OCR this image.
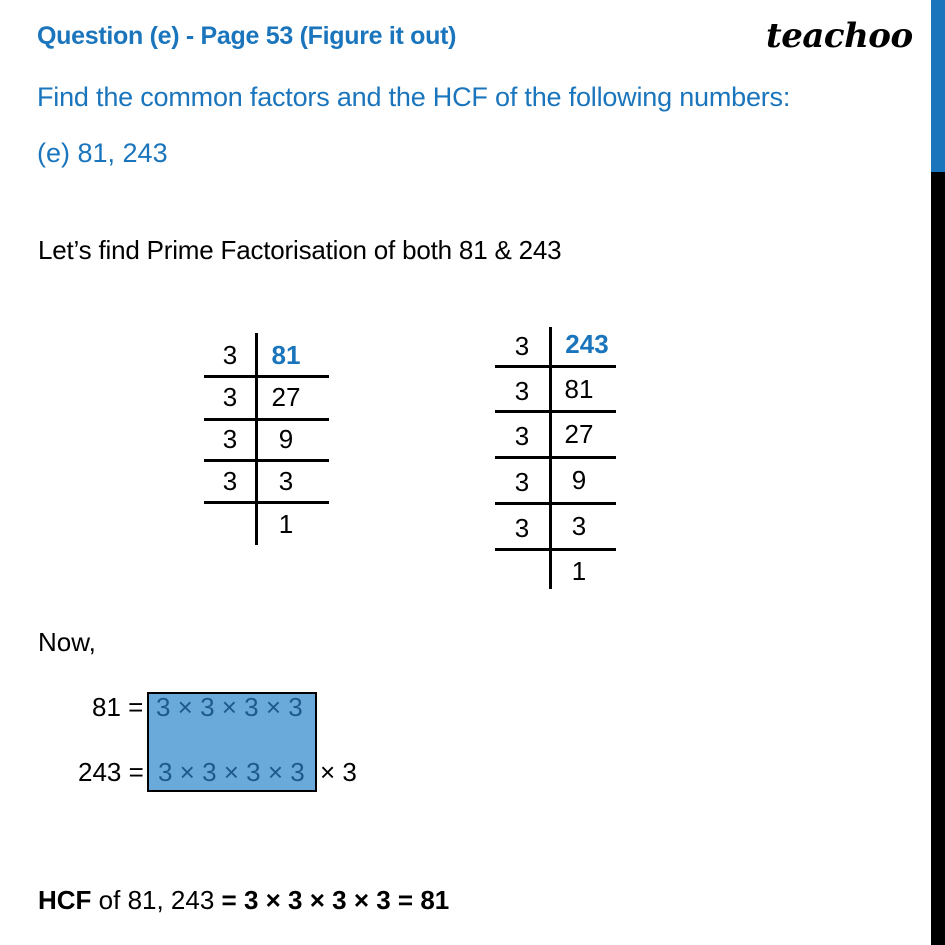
Question (e) - Page 53 (Figure it out)	teachoo
Find the common factors and the HCF of the following numbers:
(e) 81, 243
Let’s find Prime Factorisation of both 81 & 243
3 81
3 27
3	9
3	3
1
3 243
3 81
3 27
3	9
3	3
1
Now,
81 = 3 × 3 × 3 × 3
243 = 3 × 3 × 3 × 3 × 3
HCF of 81, 243 = 3 × 3 × 3 × 3 = 81
